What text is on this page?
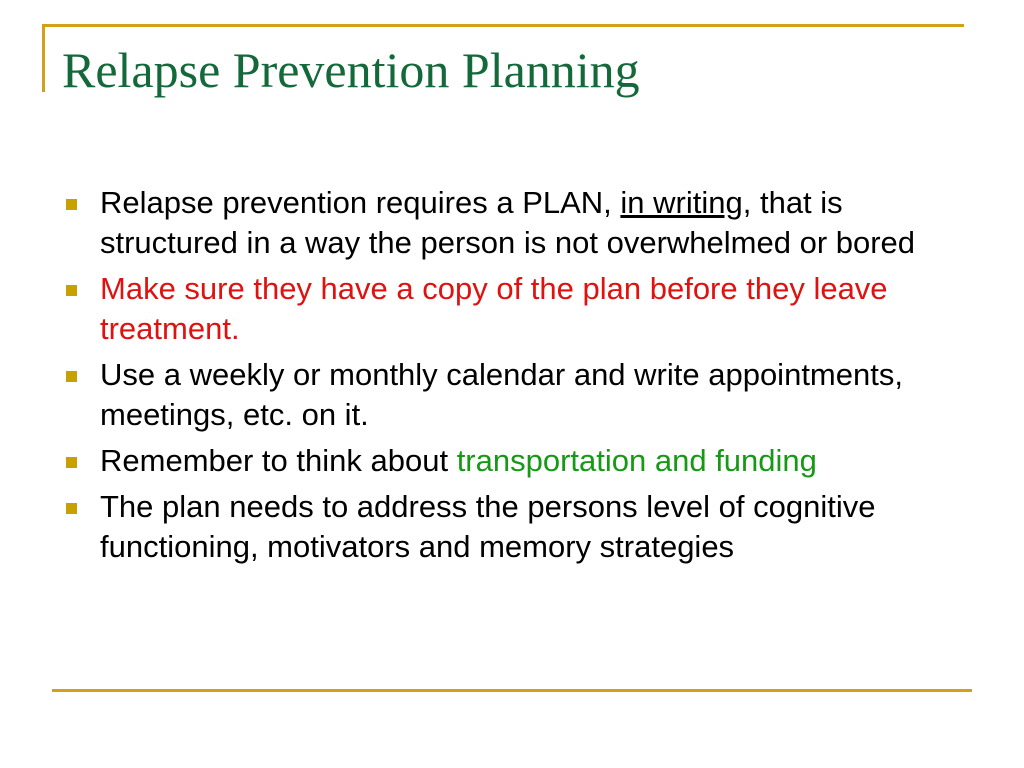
Relapse Prevention Planning
Relapse prevention requires a PLAN, in writing, that is structured in a way the person is not overwhelmed or bored
Make sure they have a copy of the plan before they leave treatment.
Use a weekly or monthly calendar and write appointments, meetings, etc. on it.
Remember to think about transportation and funding
The plan needs to address the persons level of cognitive functioning, motivators and memory strategies
